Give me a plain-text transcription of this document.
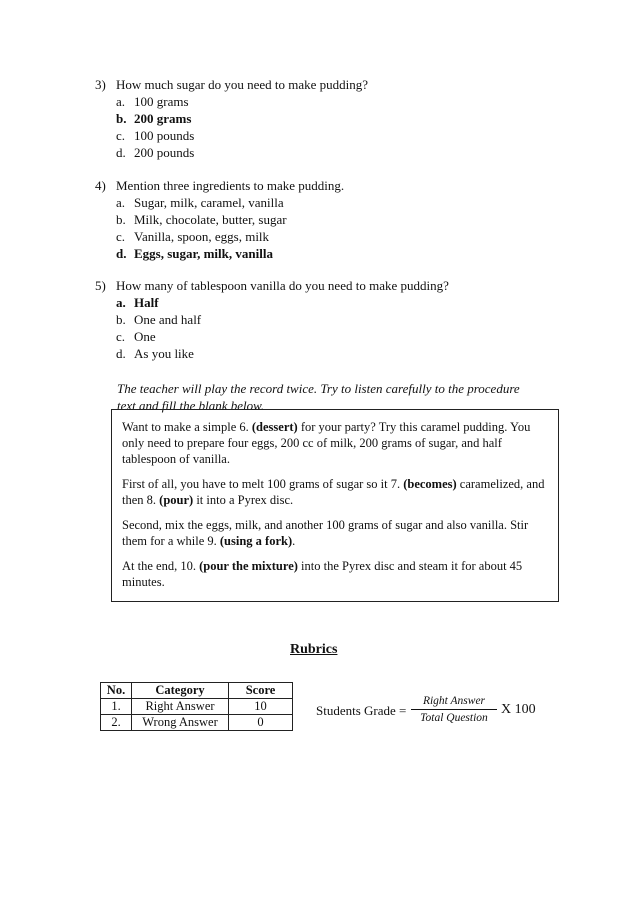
3) How much sugar do you need to make pudding?
a. 100 grams
b. 200 grams
c. 100 pounds
d. 200 pounds
4) Mention three ingredients to make pudding.
a. Sugar, milk, caramel, vanilla
b. Milk, chocolate, butter, sugar
c. Vanilla, spoon, eggs, milk
d. Eggs, sugar, milk, vanilla
5) How many of tablespoon vanilla do you need to make pudding?
a. Half
b. One and half
c. One
d. As you like
The teacher will play the record twice. Try to listen carefully to the procedure text and fill the blank below.

Want to make a simple 6. (dessert) for your party? Try this caramel pudding. You only need to prepare four eggs, 200 cc of milk, 200 grams of sugar, and half tablespoon of vanilla.

First of all, you have to melt 100 grams of sugar so it 7. (becomes) caramelized, and then 8. (pour) it into a Pyrex disc.

Second, mix the eggs, milk, and another 100 grams of sugar and also vanilla. Stir them for a while 9. (using a fork).

At the end, 10. (pour the mixture) into the Pyrex disc and steam it for about 45 minutes.

Rubrics
No.	Category	Score
1.	Right Answer	10
2.	Wrong Answer	0
Students Grade =
Right Answer
Total Question
X 100
